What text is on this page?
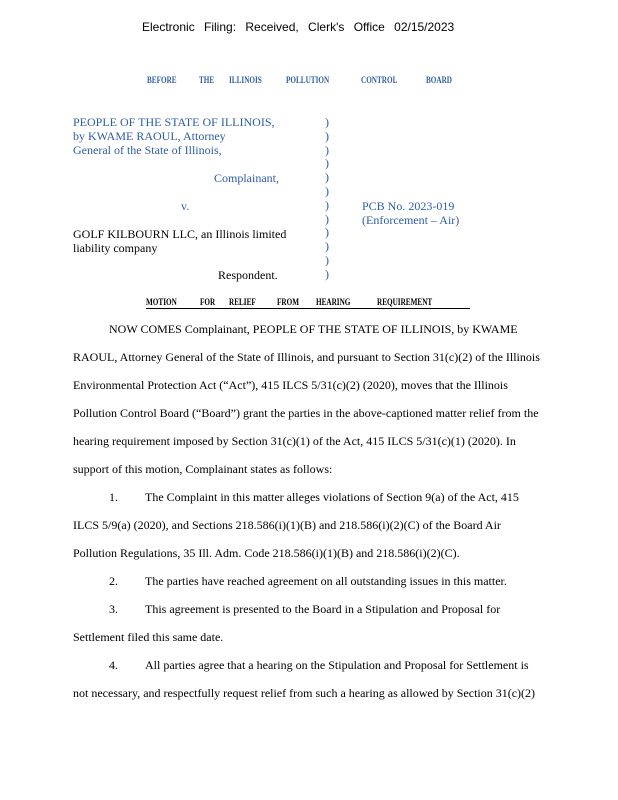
Electronic Filing: Received, Clerk's Office 02/15/2023
BEFORE THE ILLINOIS	POLLUTION	CONTROL	BOARD
PEOPLE OF THE STATE OF ILLINOIS,
by KWAME RAOUL, Attorney
General of the State of Illinois,
Complainant,
v.	PCB No. 2023-019
(Enforcement – Air)
GOLF KILBOURN LLC, an Illinois limited
liability company
Respondent.
)
)
)
)
)
)
)
)
)
)
)
)
MOTION	FOR RELIEF FROM HEARING	REQUIREMENT
NOW COMES Complainant, PEOPLE OF THE STATE OF ILLINOIS, by KWAME
RAOUL, Attorney General of the State of Illinois, and pursuant to Section 31(c)(2) of the Illinois
Environmental Protection Act (“Act”), 415 ILCS 5/31(c)(2) (2020), moves that the Illinois
Pollution Control Board (“Board”) grant the parties in the above-captioned matter relief from the
hearing requirement imposed by Section 31(c)(1) of the Act, 415 ILCS 5/31(c)(1) (2020). In
support of this motion, Complainant states as follows:
1. The Complaint in this matter alleges violations of Section 9(a) of the Act, 415
ILCS 5/9(a) (2020), and Sections 218.586(i)(1)(B) and 218.586(i)(2)(C) of the Board Air
Pollution Regulations, 35 Ill. Adm. Code 218.586(i)(1)(B) and 218.586(i)(2)(C).
2. The parties have reached agreement on all outstanding issues in this matter.
3. This agreement is presented to the Board in a Stipulation and Proposal for
Settlement filed this same date.
4. All parties agree that a hearing on the Stipulation and Proposal for Settlement is
not necessary, and respectfully request relief from such a hearing as allowed by Section 31(c)(2)
